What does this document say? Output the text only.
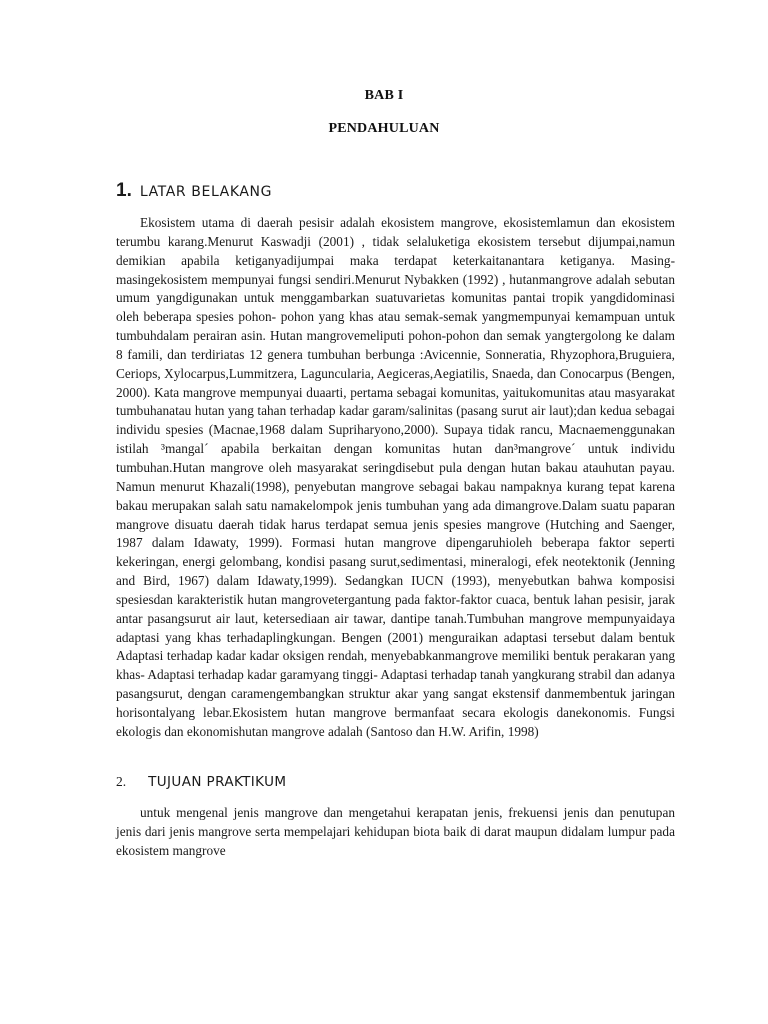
BAB I
PENDAHULUAN
1. LATAR BELAKANG

Ekosistem utama di daerah pesisir adalah ekosistem mangrove, ekosistemlamun dan ekosistem terumbu karang.Menurut Kaswadji (2001) , tidak selaluketiga ekosistem tersebut dijumpai,namun demikian apabila ketiganyadijumpai maka terdapat keterkaitanantara ketiganya. Masing-masingekosistem mempunyai fungsi sendiri.Menurut Nybakken (1992) , hutanmangrove adalah sebutan umum yangdigunakan untuk menggambarkan suatuvarietas komunitas pantai tropik yangdidominasi oleh beberapa spesies pohon- pohon yang khas atau semak-semak yangmempunyai kemampuan untuk tumbuhdalam perairan asin. Hutan mangrovemeliputi pohon-pohon dan semak yangtergolong ke dalam 8 famili, dan terdiriatas 12 genera tumbuhan berbunga :Avicennie, Sonneratia, Rhyzophora,Bruguiera, Ceriops, Xylocarpus,Lummitzera, Laguncularia, Aegiceras,Aegiatilis, Snaeda, dan Conocarpus (Bengen, 2000). Kata mangrove mempunyai duaarti, pertama sebagai komunitas, yaitukomunitas atau masyarakat tumbuhanatau hutan yang tahan terhadap kadar garam/salinitas (pasang surut air laut);dan kedua sebagai individu spesies (Macnae,1968 dalam Supriharyono,2000). Supaya tidak rancu, Macnaemenggunakan istilah ³mangal´ apabila berkaitan dengan komunitas hutan dan³mangrove´ untuk individu tumbuhan.Hutan mangrove oleh masyarakat seringdisebut pula dengan hutan bakau atauhutan payau. Namun menurut Khazali(1998), penyebutan mangrove sebagai bakau nampaknya kurang tepat karena bakau merupakan salah satu namakelompok jenis tumbuhan yang ada dimangrove.Dalam suatu paparan mangrove disuatu daerah tidak harus terdapat semua jenis spesies mangrove (Hutching and Saenger, 1987 dalam Idawaty, 1999). Formasi hutan mangrove dipengaruhioleh beberapa faktor seperti kekeringan, energi gelombang, kondisi pasang surut,sedimentasi, mineralogi, efek neotektonik (Jenning and Bird, 1967) dalam Idawaty,1999). Sedangkan IUCN (1993), menyebutkan bahwa komposisi spesiesdan karakteristik hutan mangrovetergantung pada faktor-faktor cuaca, bentuk lahan pesisir, jarak antar pasangsurut air laut, ketersediaan air tawar, dantipe tanah.Tumbuhan mangrove mempunyaidaya adaptasi yang khas terhadaplingkungan. Bengen (2001) menguraikan adaptasi tersebut dalam bentuk Adaptasi terhadap kadar kadar oksigen rendah, menyebabkanmangrove memiliki bentuk perakaran yang khas- Adaptasi terhadap kadar garamyang tinggi- Adaptasi terhadap tanah yangkurang strabil dan adanya pasangsurut, dengan caramengembangkan struktur akar yang sangat ekstensif danmembentuk jaringan horisontalyang lebar.Ekosistem hutan mangrove bermanfaat secara ekologis danekonomis. Fungsi ekologis dan ekonomishutan mangrove adalah (Santoso dan H.W. Arifin, 1998)

2. TUJUAN PRAKTIKUM

untuk mengenal jenis mangrove dan mengetahui kerapatan jenis, frekuensi jenis dan penutupan jenis dari jenis mangrove serta mempelajari kehidupan biota baik di darat maupun didalam lumpur pada ekosistem mangrove
